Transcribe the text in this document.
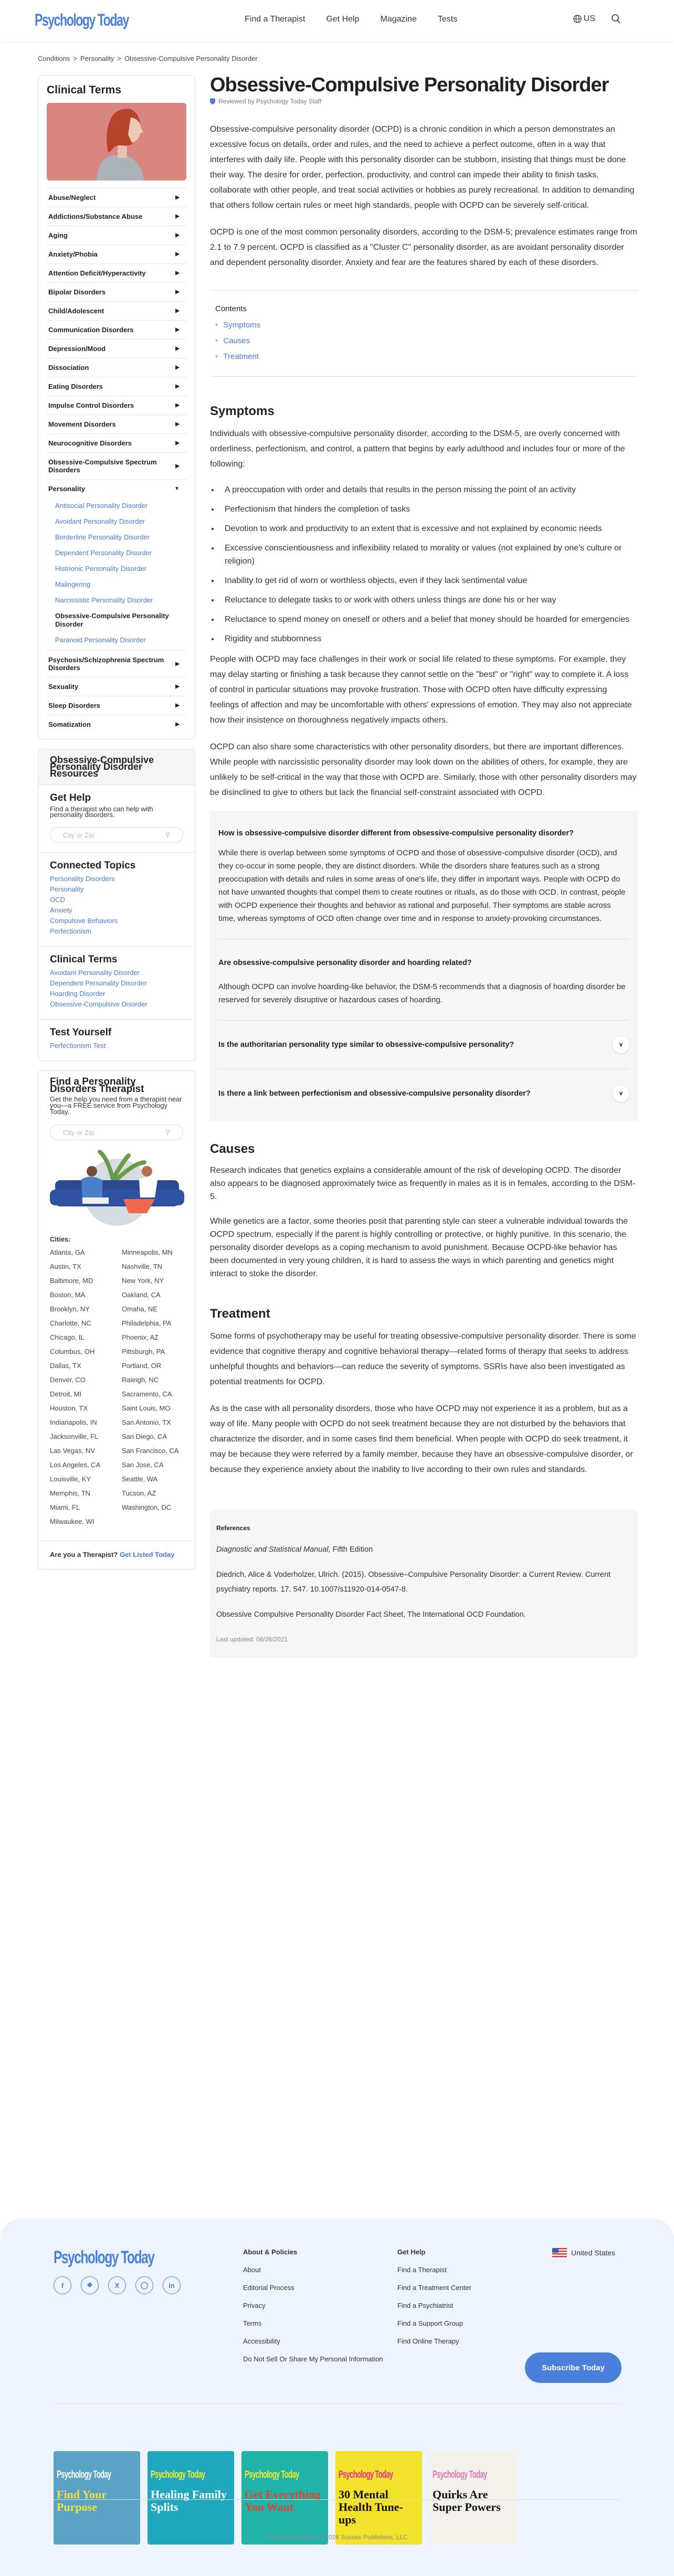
Psychology Today	Find a Therapist	Get Help	Magazine	Tests	US
Conditions > Personality > Obsessive-Compulsive Personality Disorder
Clinical Terms
Abuse/Neglect	▶
Addictions/Substance Abuse	▶
Aging	▶
Anxiety/Phobia	▶
Attention Deficit/Hyperactivity	▶
Bipolar Disorders	▶
Child/Adolescent	▶
Communication Disorders	▶
Depression/Mood	▶
Dissociation	▶
Eating Disorders	▶
Impulse Control Disorders	▶
Movement Disorders	▶
Neurocognitive Disorders	▶
Obsessive-Compulsive Spectrum Disorders	▶
Personality	▼
Antisocial Personality Disorder
Avoidant Personality Disorder
Borderline Personality Disorder
Dependent Personality Disorder
Histrionic Personality Disorder
Malingering
Narcissistic Personality Disorder
Obsessive-Compulsive Personality Disorder
Paranoid Personality Disorder
Psychosis/Schizophrenia Spectrum Disorders	▶
Sexuality	▶
Sleep Disorders	▶
Somatization	▶
Obsessive-Compulsive Personality Disorder Resources
Get Help

Find a therapist who can help with personality disorders.

City or Zip	⚲
Connected Topics
Personality Disorders
Personality
OCD
Anxiety
Compulsive Behaviors
Perfectionism
Clinical Terms
Avoidant Personality Disorder
Dependent Personality Disorder
Hoarding Disorder
Obsessive-Compulsive Disorder
Test Yourself
Perfectionism Test
Find a Personality Disorders Therapist

Get the help you need from a therapist near you—a FREE service from Psychology Today.

City or Zip	⚲
Cities:
Atlanta, GA	Minneapolis, MN
Austin, TX	Nashville, TN
Baltimore, MD	New York, NY
Boston, MA	Oakland, CA
Brooklyn, NY	Omaha, NE
Charlotte, NC	Philadelphia, PA
Chicago, IL	Phoenix, AZ
Columbus, OH	Pittsburgh, PA
Dallas, TX	Portland, OR
Denver, CO	Raleigh, NC
Detroit, MI	Sacramento, CA
Houston, TX	Saint Louis, MO
Indianapolis, IN	San Antonio, TX
Jacksonville, FL	San Diego, CA
Las Vegas, NV	San Francisco, CA
Los Angeles, CA	San Jose, CA
Louisville, KY	Seattle, WA
Memphis, TN	Tucson, AZ
Miami, FL	Washington, DC
Milwaukee, WI
Are you a Therapist? Get Listed Today
Obsessive-Compulsive Personality Disorder
Reviewed by Psychology Today Staff

Obsessive-compulsive personality disorder (OCPD) is a chronic condition in which a person demonstrates an excessive focus on details, order and rules, and the need to achieve a perfect outcome, often in a way that interferes with daily life. People with this personality disorder can be stubborn, insisting that things must be done their way. The desire for order, perfection, productivity, and control can impede their ability to finish tasks, collaborate with other people, and treat social activities or hobbies as purely recreational. In addition to demanding that others follow certain rules or meet high standards, people with OCPD can be severely self-critical.

OCPD is one of the most common personality disorders, according to the DSM-5; prevalence estimates range from 2.1 to 7.9 percent. OCPD is classified as a "Cluster C" personality disorder, as are avoidant personality disorder and dependent personality disorder. Anxiety and fear are the features shared by each of these disorders.

Contents
• Symptoms
• Causes
• Treatment
Symptoms

Individuals with obsessive-compulsive personality disorder, according to the DSM-5, are overly concerned with orderliness, perfectionism, and control, a pattern that begins by early adulthood and includes four or more of the following:

• A preoccupation with order and details that results in the person missing the point of an activity
• Perfectionism that hinders the completion of tasks
• Devotion to work and productivity to an extent that is excessive and not explained by economic needs
• Excessive conscientiousness and inflexibility related to morality or values (not explained by one's culture or religion)
• Inability to get rid of worn or worthless objects, even if they lack sentimental value
• Reluctance to delegate tasks to or work with others unless things are done his or her way
• Reluctance to spend money on oneself or others and a belief that money should be hoarded for emergencies
• Rigidity and stubbornness

People with OCPD may face challenges in their work or social life related to these symptoms. For example, they may delay starting or finishing a task because they cannot settle on the "best" or "right" way to complete it. A loss of control in particular situations may provoke frustration. Those with OCPD often have difficulty expressing feelings of affection and may be uncomfortable with others' expressions of emotion. They may also not appreciate how their insistence on thoroughness negatively impacts others.

OCPD can also share some characteristics with other personality disorders, but there are important differences. While people with narcissistic personality disorder may look down on the abilities of others, for example, they are unlikely to be self-critical in the way that those with OCPD are. Similarly, those with other personality disorders may be disinclined to give to others but lack the financial self-constraint associated with OCPD.

How is obsessive-compulsive disorder different from obsessive-compulsive personality disorder?
While there is overlap between some symptoms of OCPD and those of obsessive-compulsive disorder (OCD), and they co-occur in some people, they are distinct disorders. While the disorders share features such as a strong preoccupation with details and rules in some areas of one's life, they differ in important ways. People with OCPD do not have unwanted thoughts that compel them to create routines or rituals, as do those with OCD. In contrast, people with OCPD experience their thoughts and behavior as rational and purposeful. Their symptoms are stable across time, whereas symptoms of OCD often change over time and in response to anxiety-provoking circumstances.
Are obsessive-compulsive personality disorder and hoarding related?
Although OCPD can involve hoarding-like behavior, the DSM-5 recommends that a diagnosis of hoarding disorder be reserved for severely disruptive or hazardous cases of hoarding.
Is the authoritarian personality type similar to obsessive-compulsive personality?	∨
Is there a link between perfectionism and obsessive-compulsive personality disorder?	∨
Causes

Research indicates that genetics explains a considerable amount of the risk of developing OCPD. The disorder also appears to be diagnosed approximately twice as frequently in males as it is in females, according to the DSM-5.

While genetics are a factor, some theories posit that parenting style can steer a vulnerable individual towards the OCPD spectrum, especially if the parent is highly controlling or protective, or highly punitive. In this scenario, the personality disorder develops as a coping mechanism to avoid punishment. Because OCPD-like behavior has been documented in very young children, it is hard to assess the ways in which parenting and genetics might interact to stoke the disorder.

Treatment

Some forms of psychotherapy may be useful for treating obsessive-compulsive personality disorder. There is some evidence that cognitive therapy and cognitive behavioral therapy—related forms of therapy that seeks to address unhelpful thoughts and behaviors—can reduce the severity of symptoms. SSRIs have also been investigated as potential treatments for OCPD.

As is the case with all personality disorders, those who have OCPD may not experience it as a problem, but as a way of life. Many people with OCPD do not seek treatment because they are not disturbed by the behaviors that characterize the disorder, and in some cases find them beneficial. When people with OCPD do seek treatment, it may be because they were referred by a family member, because they have an obsessive-compulsive disorder, or because they experience anxiety about the inability to live according to their own rules and standards.

References

Diagnostic and Statistical Manual, Fifth Edition

Diedrich, Alice & Voderholzer, Ulrich. (2015). Obsessive–Compulsive Personality Disorder: a Current Review. Current psychiatry reports. 17. 547. 10.1007/s11920-014-0547-8.

Obsessive Compulsive Personality Disorder Fact Sheet, The International OCD Foundation.

Last updated: 08/26/2021
Psychology Today
f	❖	X	◯	in
About & Policies
About
Editorial Process
Privacy
Terms
Accessibility
Do Not Sell Or Share My Personal Information
Get Help
Find a Therapist
Find a Treatment Center
Find a Psychiatrist
Find a Support Group
Find Online Therapy
United States
Psychology Today
Find Your Purpose
Psychology Today
Healing Family Splits
Psychology Today
Get Everything You Want
Psychology Today
30 Mental Health Tune-ups
Psychology Today
Quirks Are Super Powers
Subscribe Today
Psychology Today © 2026 Sussex Publishers, LLC
